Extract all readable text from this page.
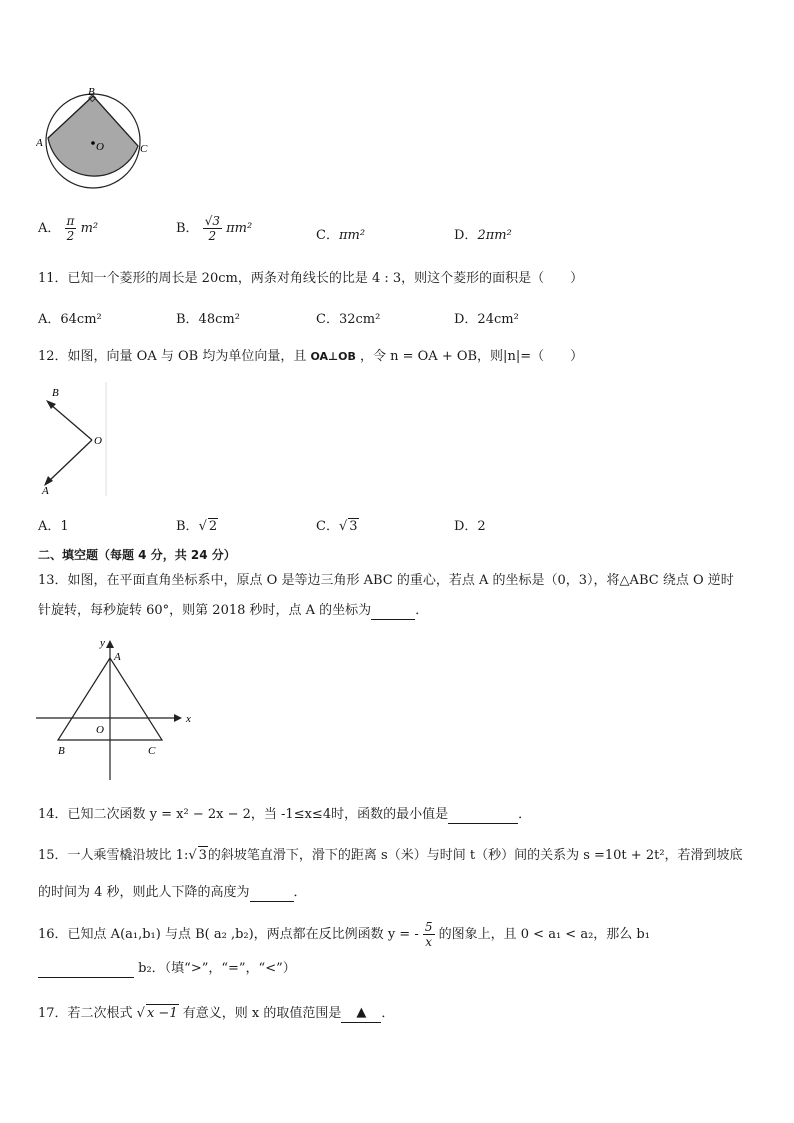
B
A	O	C
A． $\frac{\pi}{2} m^2$	B． $\frac{√3}{2} \pi m^2$	C．πm²	D．2πm²
11．已知一个菱形的周长是 20cm，两条对角线长的比是 4 : 3，则这个菱形的面积是（　　）
A．64cm²	B．48cm²	C．32cm²	D．24cm²
12．如图，向量 OA 与 OB 均为单位向量，且 OA⊥OB ，令 n = OA + OB，则|n|=（　　）
B
O
A
A．1	B．√ 2	C．√ 3	D．2
二、填空题（每题 4 分，共 24 分）
13．如图，在平面直角坐标系中，原点 O 是等边三角形 ABC 的重心，若点 A 的坐标是（0，3），将△ABC 绕点 O 逆时
针旋转，每秒旋转 60°，则第 2018 秒时，点 A 的坐标为	．
y
A
x
O
B	C
14．已知二次函数 y = x² − 2x − 2，当 -1≤x≤4时，函数的最小值是	．
15．一人乘雪橇沿坡比 1:√ 3的斜坡笔直滑下，滑下的距离 s（米）与时间 t（秒）间的关系为 s =10t + 2t²，若滑到坡底
的时间为 4 秒，则此人下降的高度为	．
16．已知点 A(a₁,b₁) 与点 B( a₂ ,b₂)，两点都在反比例函数 y = - $\frac{5}{x}$ 的图象上，且 0 < a₁ < a₂，那么 b₁
b₂．（填“>”，“=”，“<”）
17．若二次根式 √ x −1 有意义，则 x 的取值范围是 ▲ ．
